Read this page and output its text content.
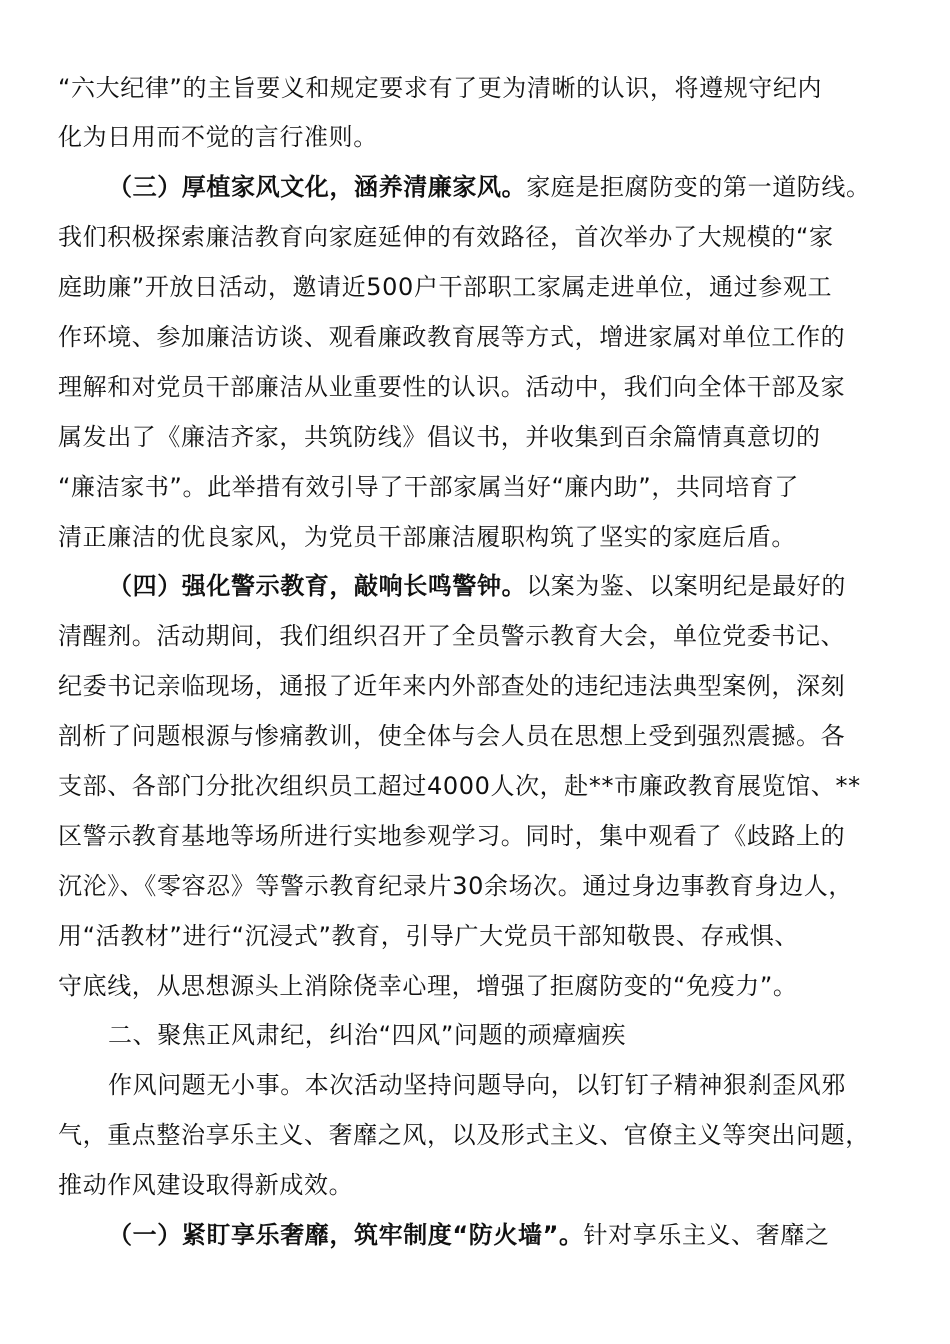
“六大纪律”的主旨要义和规定要求有了更为清晰的认识，将遵规守纪内
化为日用而不觉的言行准则。
（三）厚植家风文化，涵养清廉家风。家庭是拒腐防变的第一道防线。
我们积极探索廉洁教育向家庭延伸的有效路径，首次举办了大规模的“家
庭助廉”开放日活动，邀请近500户干部职工家属走进单位，通过参观工
作环境、参加廉洁访谈、观看廉政教育展等方式，增进家属对单位工作的
理解和对党员干部廉洁从业重要性的认识。活动中，我们向全体干部及家
属发出了《廉洁齐家，共筑防线》倡议书，并收集到百余篇情真意切的
“廉洁家书”。此举措有效引导了干部家属当好“廉内助”，共同培育了
清正廉洁的优良家风，为党员干部廉洁履职构筑了坚实的家庭后盾。
（四）强化警示教育，敲响长鸣警钟。以案为鉴、以案明纪是最好的
清醒剂。活动期间，我们组织召开了全员警示教育大会，单位党委书记、
纪委书记亲临现场，通报了近年来内外部查处的违纪违法典型案例，深刻
剖析了问题根源与惨痛教训，使全体与会人员在思想上受到强烈震撼。各
支部、各部门分批次组织员工超过4000人次，赴**市廉政教育展览馆、**
区警示教育基地等场所进行实地参观学习。同时，集中观看了《歧路上的
沉沦》、《零容忍》等警示教育纪录片30余场次。通过身边事教育身边人，
用“活教材”进行“沉浸式”教育，引导广大党员干部知敬畏、存戒惧、
守底线，从思想源头上消除侥幸心理，增强了拒腐防变的“免疫力”。
二、聚焦正风肃纪，纠治“四风”问题的顽瘴痼疾
作风问题无小事。本次活动坚持问题导向，以钉钉子精神狠刹歪风邪
气，重点整治享乐主义、奢靡之风，以及形式主义、官僚主义等突出问题，
推动作风建设取得新成效。
（一）紧盯享乐奢靡，筑牢制度“防火墙”。针对享乐主义、奢靡之
